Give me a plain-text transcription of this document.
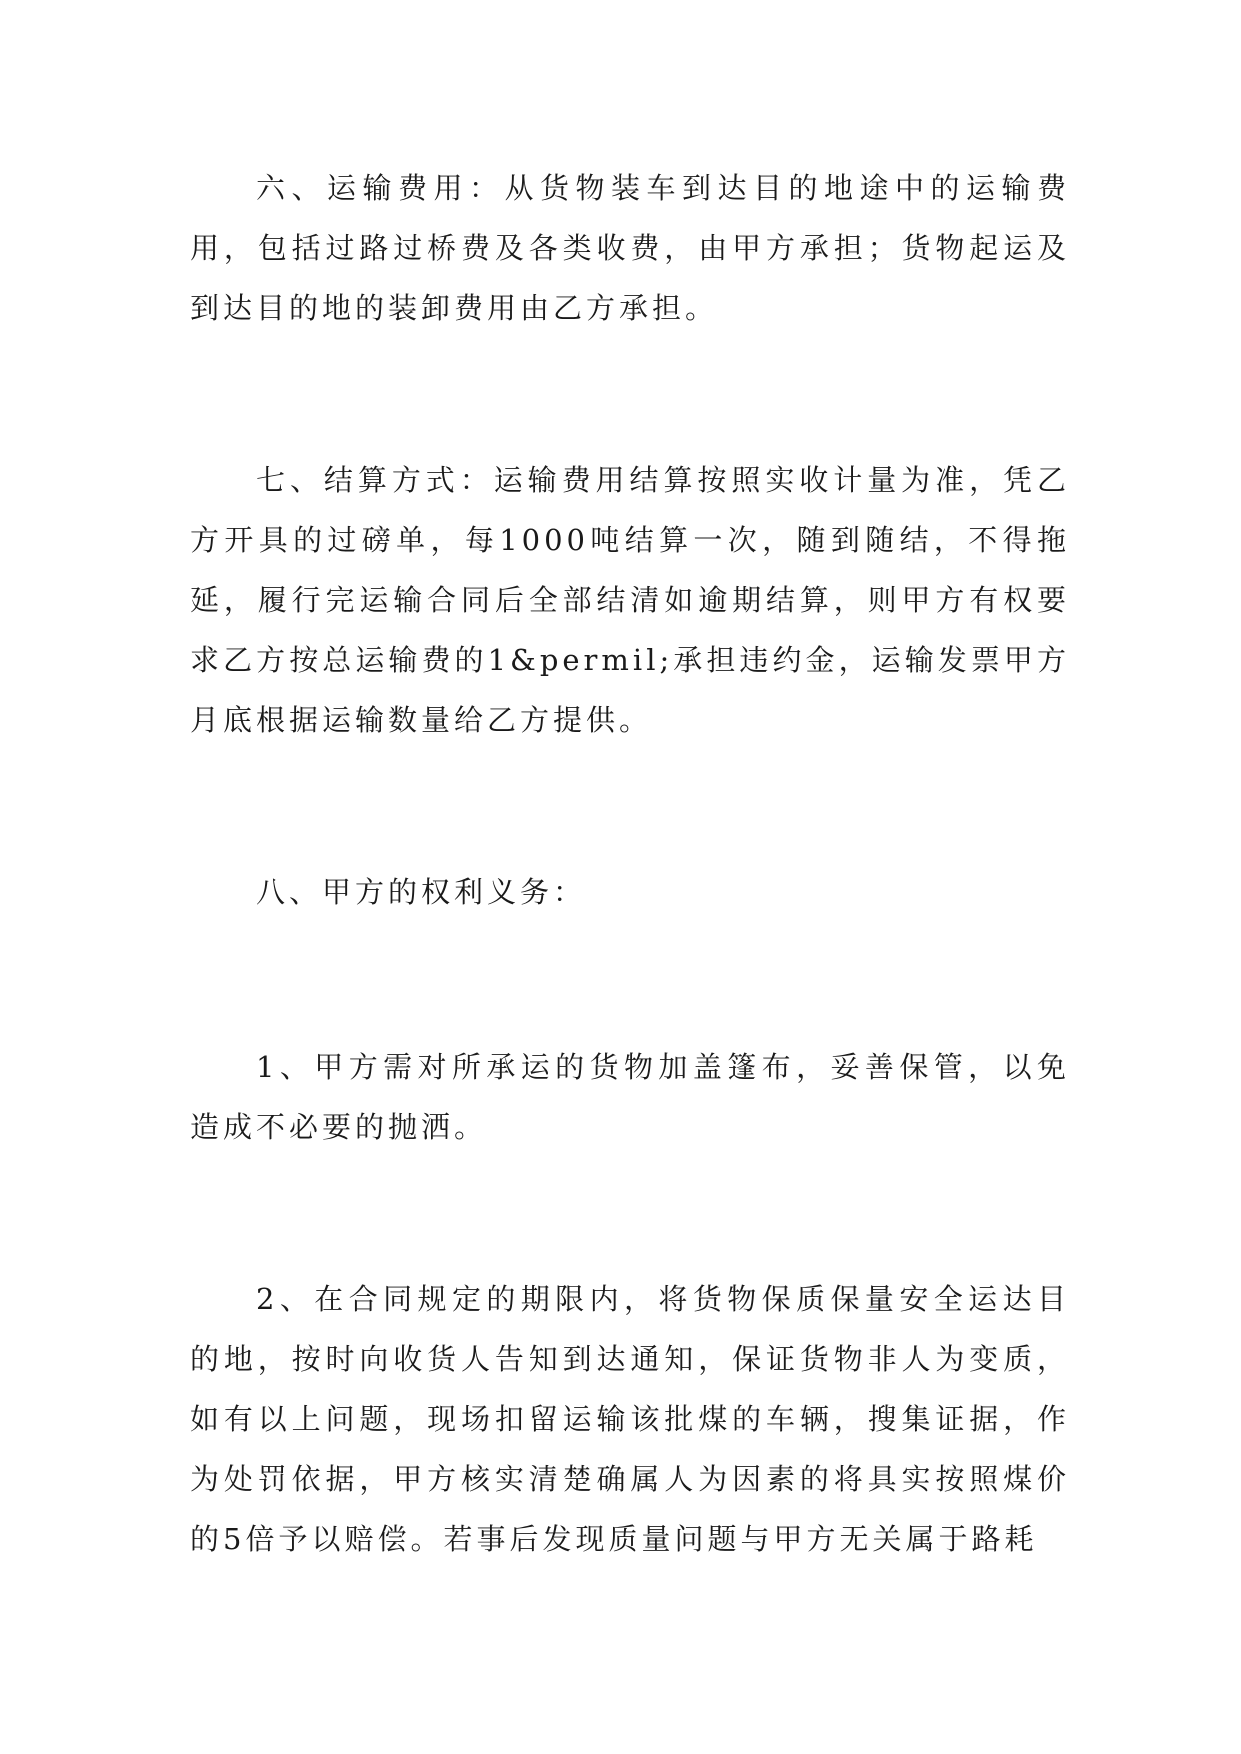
六、运输费用：从货物装车到达目的地途中的运输费用，包括过路过桥费及各类收费，由甲方承担；货物起运及到达目的地的装卸费用由乙方承担。

七、结算方式：运输费用结算按照实收计量为准，凭乙方开具的过磅单，每1000吨结算一次，随到随结，不得拖延，履行完运输合同后全部结清如逾期结算，则甲方有权要求乙方按总运输费的1&permil;承担违约金，运输发票甲方月底根据运输数量给乙方提供。

八、甲方的权利义务：

1、甲方需对所承运的货物加盖篷布，妥善保管，以免造成不必要的抛洒。

2、在合同规定的期限内，将货物保质保量安全运达目的地，按时向收货人告知到达通知，保证货物非人为变质，如有以上问题，现场扣留运输该批煤的车辆，搜集证据，作为处罚依据，甲方核实清楚确属人为因素的将具实按照煤价的5倍予以赔偿。若事后发现质量问题与甲方无关属于路耗
